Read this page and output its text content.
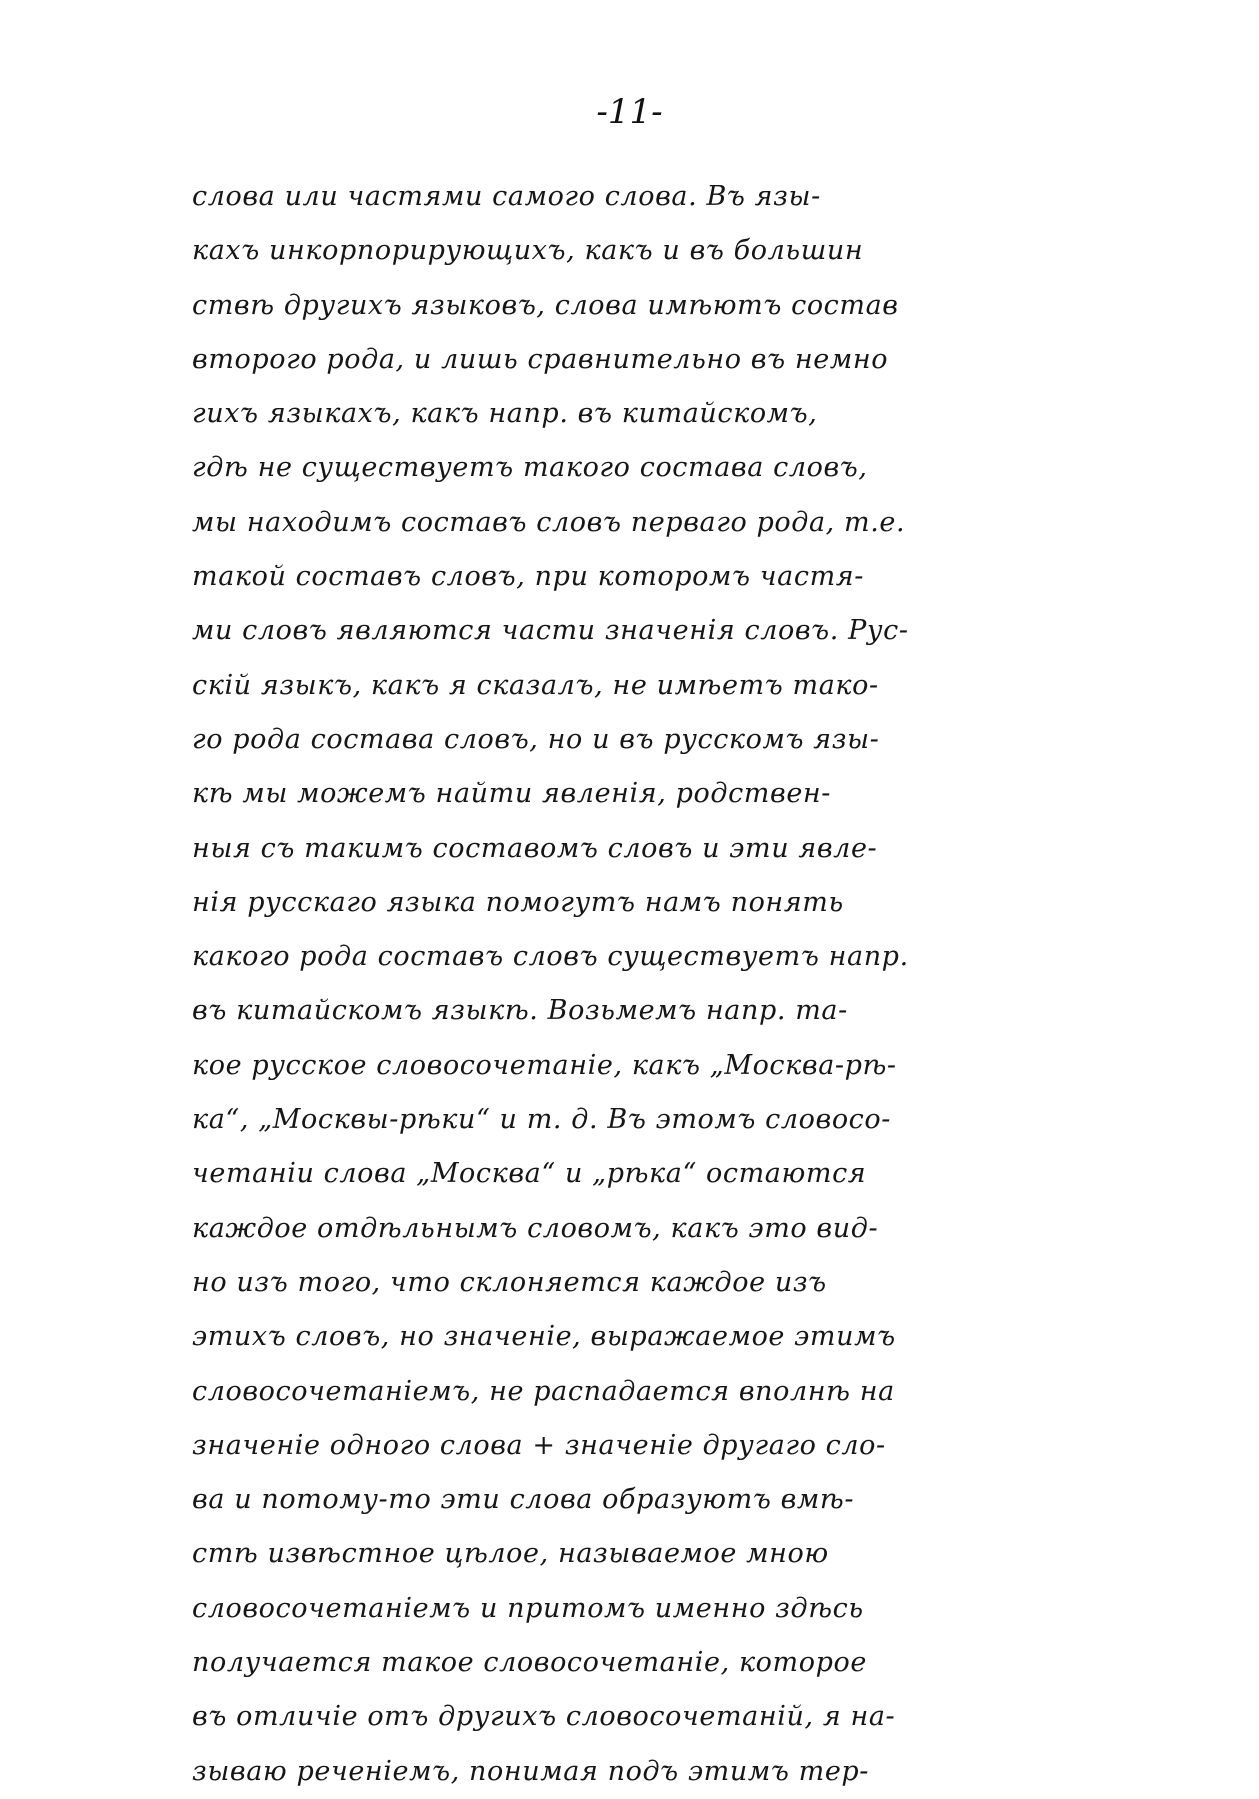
-11-
слова или частями самого слова. Въ язы-
кахъ инкорпорирующихъ, какъ и въ большин
ствѣ другихъ языковъ, слова имѣютъ состав
второго рода, и лишь сравнительно въ немно
гихъ языкахъ, какъ напр. въ китайскомъ,
гдѣ не существуетъ такого состава словъ,
мы находимъ составъ словъ перваго рода, т.е.
такой составъ словъ, при которомъ частя-
ми словъ являются части значенія словъ. Рус-
скій языкъ, какъ я сказалъ, не имѣетъ тако-
го рода состава словъ, но и въ русскомъ язы-
кѣ мы можемъ найти явленія, родствен-
ныя съ такимъ составомъ словъ и эти явле-
нія русскаго языка помогутъ намъ понять
какого рода составъ словъ существуетъ напр.
въ китайскомъ языкѣ. Возьмемъ напр. та-
кое русское словосочетаніе, какъ „Москва-рѣ-
ка“, „Москвы-рѣки“ и т. д. Въ этомъ словосо-
четаніи слова „Москва“ и „рѣка“ остаются
каждое отдѣльнымъ словомъ, какъ это вид-
но изъ того, что склоняется каждое изъ
этихъ словъ, но значеніе, выражаемое этимъ
словосочетаніемъ, не распадается вполнѣ на
значеніе одного слова + значеніе другаго сло-
ва и потому-то эти слова образуютъ вмѣ-
стѣ извѣстное цѣлое, называемое мною
словосочетаніемъ и притомъ именно здѣсь
получается такое словосочетаніе, которое
въ отличіе отъ другихъ словосочетаній, я на-
зываю реченіемъ, понимая подъ этимъ тер-
